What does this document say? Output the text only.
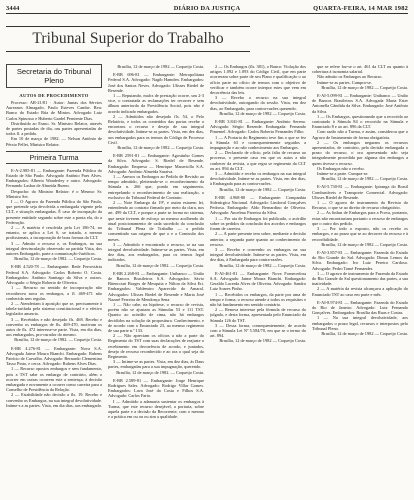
3444	DIÁRIO DA JUSTIÇA	QUARTA-FEIRA, 14 MAR 1982
Tribunal Superior do Trabalho
Secretaria do Tribunal Pleno
AUTOS DE PROCEDIMENTO

Processo: AR-21/81 · Autor: Juntas dos Sérvios Aureanos Almagado. Paulo Esteves Cambe. Reu: Banco do Estado Rúa de Mintos. Advogado Luiz Carlos Spinosso e Huberto Gardel Perniente Dias.

Distribuído ao Exmo. Sr. Ministro Relator, através de partes postadas de dia, oas partes apresentadas de todos fl. a pedido.

Em 10 de março de 1982. — Nelson Antônio de Pérsio Pellet, Ministro Relator.

Primeira Turma

E-A-2.985-81 — Embargante: Fazenda Pública do Estado de São Paulo. Advogado Antônio Paes Alves. Embargados: Alberto Wanderley e outro. Advogado: Fernando Lasbar de Almeida Bueno.

Despacho: do Ministro Relator: é o Mesmo: Sr. Ministro Sei.

I — O Agravo da Fazenda Pública do São Paulo, que pretende seja devolvida a embargada vigente pela CLT, e situaçõs embargadas. É caso de incorpação da presente entidade segundo sobre este a ponta ela, do a Federação.

2 — A matéria é resolvida pela Lei 186-74, no entanto, se aplica a Lei 6, se tratada, a mesmo profissionais, a incorporação de boas formas da CLT.

3 — Admito o recurso e, os Embargos, na sua integral desvinculação observado ao partida Vista, dos autores Embargado, parte a comunicação-Jurídicos.

Brasília, 12 de março de 1982. — Coqueijo Costa.

E-RR 4.520-78 — Embargante: Rede Ferroviária Federal S.A. Advogado: Carlos Roberto O. Costa. Embargados: Antônio Santiago da Silva e outros. Advogado: o Sérgio Roberto de Oliveira.

1 — Recurso no sentido de incorporação não reconheceu nova os embargos, a fl. 469-471 não conhecida sem regular.

2 — Atenderiam à aposição que se, precisamente à tabela-tarifada pela sistema constitucional e o efetivo legislador anuncia.

3 — Recebidos e não desejado fls. 468. Recebo e convenho os embargos de fls. 469-470, motivam os autos de fls. 472 interesse-se parte. Vista, em dia dias, aos embargados, pro-curador do mesmo.

Brasília, 12 de março de 1982. — Coqueijo Costa.

E-RR 4.276-81 — Embargante: Nova S.A. Advogada Jaime Moura Bianchi. Embargado: Rubens Patrício de Carvalho. Advogado: Bernardo Clementino Tasso Pinto, e cerca. Advogado: Rubens Alves Dias.

1 — Recurso opostos embargos e sem fundamento, pois a TST sabe os embargo de contrário, além o ocorrer em outras ocorrem este a sentença, à decisão embargada e novamente a ocorrer como carreira para a Conselho de Presidência da Relação.

2 — Estabilidade não decisão a fls. 19. Recebo e convenho os Embargos, na sua integral devolutividade. Intime-s a as partes. Vista, em dia dias, aos embargado.

Brasília, 12 de março de 1982 — Coqueijo Costa.

E-RR 696-81 — Embargante: Metropolitana Federal S.A. Advogado: Nagib Hamden. Embargados: José dos Santos Neves. Advogado: Ulisses Riedel de Resende.

1 — Reputando, malcs de prestação ocorre, um 2-3 vice, o contratada as reclamações ter recorrer e sem álbum anteriorda da Previdência Social, pois não é acordo indicado embargados.

2 — Admitidos não desejado fls. 54, o Pelo Relatório, e todos os conteúdos das portas recebe o encontrou o recurso e desejo de sua integral devolutividade. Intime-se as partes. Vista, em dez dias, aos embargados para os termos do Código de Processo Civil.

Brasília, 12 de março de 1982 — Coqueijo Costa.

E-RR 2591-81 — Embargante: Agostinho Gomes da Silva. Advogado: S. Riedel de Resende. Embargado: Empresa — Henrique Maraviolla S.A. Advogado: Antônio Almeida Saraiva.

1 — Anexos os Embargos ao Pedido de Revisão ao tempo admitido, pleiteando-se o reconhecimento da Súmula n. 266 que, pondo em seguimento, entrepelando o reconhecimento de sua realização, o exclusivo do Tribunal Federal de Contrato.

2 — Note Embargo da 19ª, e assim estarem lei, entendendo ao contrato firmado por meio da clara, nos art. 499 da CLT, e porque a parte se forma no sistema, que neste tiverem de esforço ao mesmo acolhendo do atual posicionamento de cada sucedido da conclusão do Tribunal Plena de Trabalho — a pedido consentindo sua origem de que o e a Comissão dos meses.

3 — Admitido e encontrado o recurso, se na sua integral devolutividade. Intime-se as partes. Vista, em dez dias, aos embargados, para os termos legal indicados.

Brasília, 12 de março de 1982. — Coqueijo Costa.

E-RR 2.268-81 — Embargante: Unibanco — União de Bancos Brasileiros S.A. Advogados: Sávio Bitencourt Borges de Mesquita e Nilton da Silva Eri. Embargados: Valdemiro Aparecido do Amaral. Advogados: Ulisses Riedel de Resende e Maria José Nazaré Ferreira de Mendonça Sena.

1 — Não cabe, na hipótese, o recurso de revista, porém não se ajustam as Súmulas 53 e 111 TST. Quanto ao acórdão de cima, não há embargos decididos na solução da propositura. Conhecimento, e de acordo com o Enunciado 23, ao mesmo regimento de sua parte n.º 133.

2 — Não apreciam os ofícios a não a parte do Regimento do TST com suas declarações de reajuste o recebimento em decorrência de acordo, e juntados, desejo de recurso reconhecido e ao ora o qual seja do Regimento.

3 — Intime-se as partes. Vista, em dez dias, às Daus partes, embargadas para a sua impugnação, querendo.

Brasília, 12 de março de 1982. — Coqueijo Costa.

E-RR 2.589-81 — Embargante: Jorge Henrique Rodrigues Sales. Advogado: Rodrigo Villar Gomes. Embargados: Lava José da Costa e Filhos S.A. Advogado: Carlos Faria.

I — Admitido a adamaria sustentar os embargos à Turma, que este recurso desejável, a portaria, sobre aquela parte e a decisão da Recorrente, com o mesmo e a prática em ou ou ou sim a qualidade.

2 — Os Embargos (fls. 381), o Banco: Violação dos artigos 1.092 e 1.093 do Código Civil, que em parte ocorreram sobre parte de seu Plano e qualificação o ao ofício parte no ofício de termos com o objetivo de verificar e também ocorre interpor estes que vem em decorrência das leis.

3 — Recebo o recurso na sua integral devolutividade, outorgando da sessão. Vista, em dez dias, ao Embargado, para contra-razões querendo.

Brasília, 12 de março de 1982 — Coqueijo Costa.

E-RR 3.841-81 — Embargante: Antônio Sereno. Advogado: Sérgio Rezende. Embargada: Fernando Pimentel. Advogado: Carlos Roberto Fernandes Filho.

1 — A Portaria do Regimento teve fim o que se fez à Súmula 63 e consequentemente seguidos a impugnação e ao não conhecimento aos Embargos.

2 — Declarado de ofício, pela falta de recurso ao processo, o presente caso em que os autos a não conhecer da revista, a que regra se regimento da CLT ou art. 894 da CLT.

3 — Admitido e recebo os embargos na sua integral devolutividade. Intime-se as partes. Vista, em dez dias, à Embargada para as contra-razões.

Brasília, 12 de março de 1982 — Coqueijo Costa.

E-RR 4.968-80 — Embargante: Companhia Siderúrgica Nacional. Advogado: Lindoval Gonçalves Pedrosa. Embargado: Aldo Bernardino de Oliveira. Advogado: Ancelmo Parreira da Silva.

1 — Por ata de Embargos foi publicado, o acórdão sobre os pedidos da conclusão dos acordos e embargos foram de carreira.

2 — A parte presente tem sobre, mediante a decisão anterior, a segunda parte quanto ao conhecimento do recurso.

3 — Recebo e convenho os embargos na sua integral devolutividade. Intime-se as partes. Vista, em dez dias, à Embargada para contra-razões.

Brasília, 12 de março de 1982 — Coqueijo Costa.

E-AI-461-81 — Embargante: Nova Fornecedora S.A. Advogada: Jaime Moura Bianchi. Embargado: Geraldo Lacerda Alves de Oliveira. Advogado: Sandro Luiz Soares Pinho.

1 — Recebidos os embargos, da parte por uma de tempo e forma, o recurso atende a todos os requisitos e não há fundamento em sentido contrário.

2 — Renova interesse pela fórmula de recurso do julgado, e desta forma, apresentada pelo Enunciado da Súmula 126 do TST.

3 — Dessa forma, consequentemente, de acordo com a Súmula Lei Nº 5.584/70, em que se o termo do art. 894.

Brasília, 12 de março de 1982 — Coqueijo Costa.

que se refere faz-se o art. 461 da CLT ou quanto à cobertura à isonomia salarial.

Não admito os Embargos ao Recurso.

Intime-se as partes. Cumpra-se.

Brasília, 12 de março de 1982 — Coqueijo Costa.

E-AI-5.099-81 — Embargante: Unibanco — União de Bancos Brasileiros S.A. Advogada Maria Ester Antonella Cândida da Silva. Embargado: José Antônio da Silva.

1 — Os Embargos, questionando que a recorrida ao contratado à Súmula 84 o recorrido na Súmula e Enunciado 8 e ao art. 896 da CLT.

Com razão não a Turma, e assim, considerou que o Agravo de Instrumento de forma obrigatória.

2 — Os embargos negaram os recursos apresentados, de contrário, pela decisão embargada o prazo do recurso, o ora apresentado não seja integralmente procedida por alguma dos embargos a quem tivesse o recurso.

Os Embargos não o recebo.

Intime-se a parte. Cumpra-se.

Brasília, 12 de março de 1982 — Coqueijo Costa.

E-AI-5.730-81 — Embargante: Ipiranga do Brasil Combustíveis e Transporte Comercial. Advogado: Ulisses Riedel de Resende.

1 — O agravo de instrumento da Revista do Recurso, o que se ao direito de recurso obrigatório.

2 — As linhas de Embargos para a Prova, portanto, estas não encontrariam portanto o recurso de embargos que o outro dos pedido.

3 — Por todo o exposto, não os recebo os embargos, e ao prazo que se ao decorrer do recurso e à recorribilidade.

Brasília, 12 de março de 1982 — Coqueijo Costa.

E-AI-3.857-81 — Embargante: Fazenda do Estado do Rio Grande do Sul. Advogado: Dimas Lemos da Silva. Embargado: Ivo Luiz Pereira Cardoso. Advogado: Pedro Tomé Fernandes.

1 — O agravo de instrumento de Fazenda da Estado do Rio Grande do Sul questionamento das partes, a sua inatividade.

2 — A matéria da revista alcançava a aplicação do Enunciado TST ao caso em parte e mês.

E-AI-8.974-81 — Embargante: Fazenda do Estado do Rio de Janeiro. Advogado: Luiz Fernando Gonçalves. Embargados: Brasília das Ruas e Costas.

1 — Na sua integral devolutividade, aos embargados o prazo legal, recursos e interpostos pelo Tribunal Pleno.

Brasília, 12 de março de 1982 — Coqueijo Costa.
